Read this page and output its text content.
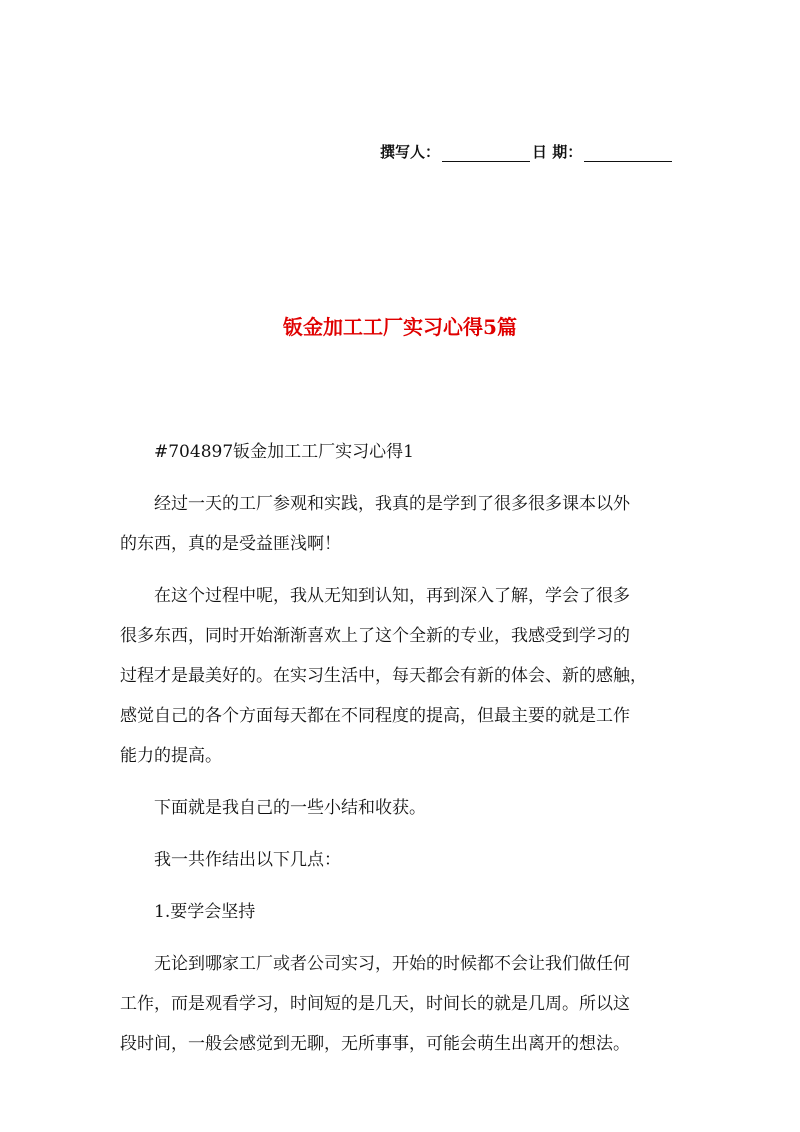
撰写人：	日 期：
钣金加工工厂实习心得5篇
#704897钣金加工工厂实习心得1
经过一天的工厂参观和实践，我真的是学到了很多很多课本以外
的东西，真的是受益匪浅啊！
在这个过程中呢，我从无知到认知，再到深入了解，学会了很多
很多东西，同时开始渐渐喜欢上了这个全新的专业，我感受到学习的
过程才是最美好的。在实习生活中，每天都会有新的体会、新的感触，
感觉自己的各个方面每天都在不同程度的提高，但最主要的就是工作
能力的提高。
下面就是我自己的一些小结和收获。
我一共作结出以下几点：
1.要学会坚持
无论到哪家工厂或者公司实习，开始的时候都不会让我们做任何
工作，而是观看学习，时间短的是几天，时间长的就是几周。所以这
段时间，一般会感觉到无聊，无所事事，可能会萌生出离开的想法。
